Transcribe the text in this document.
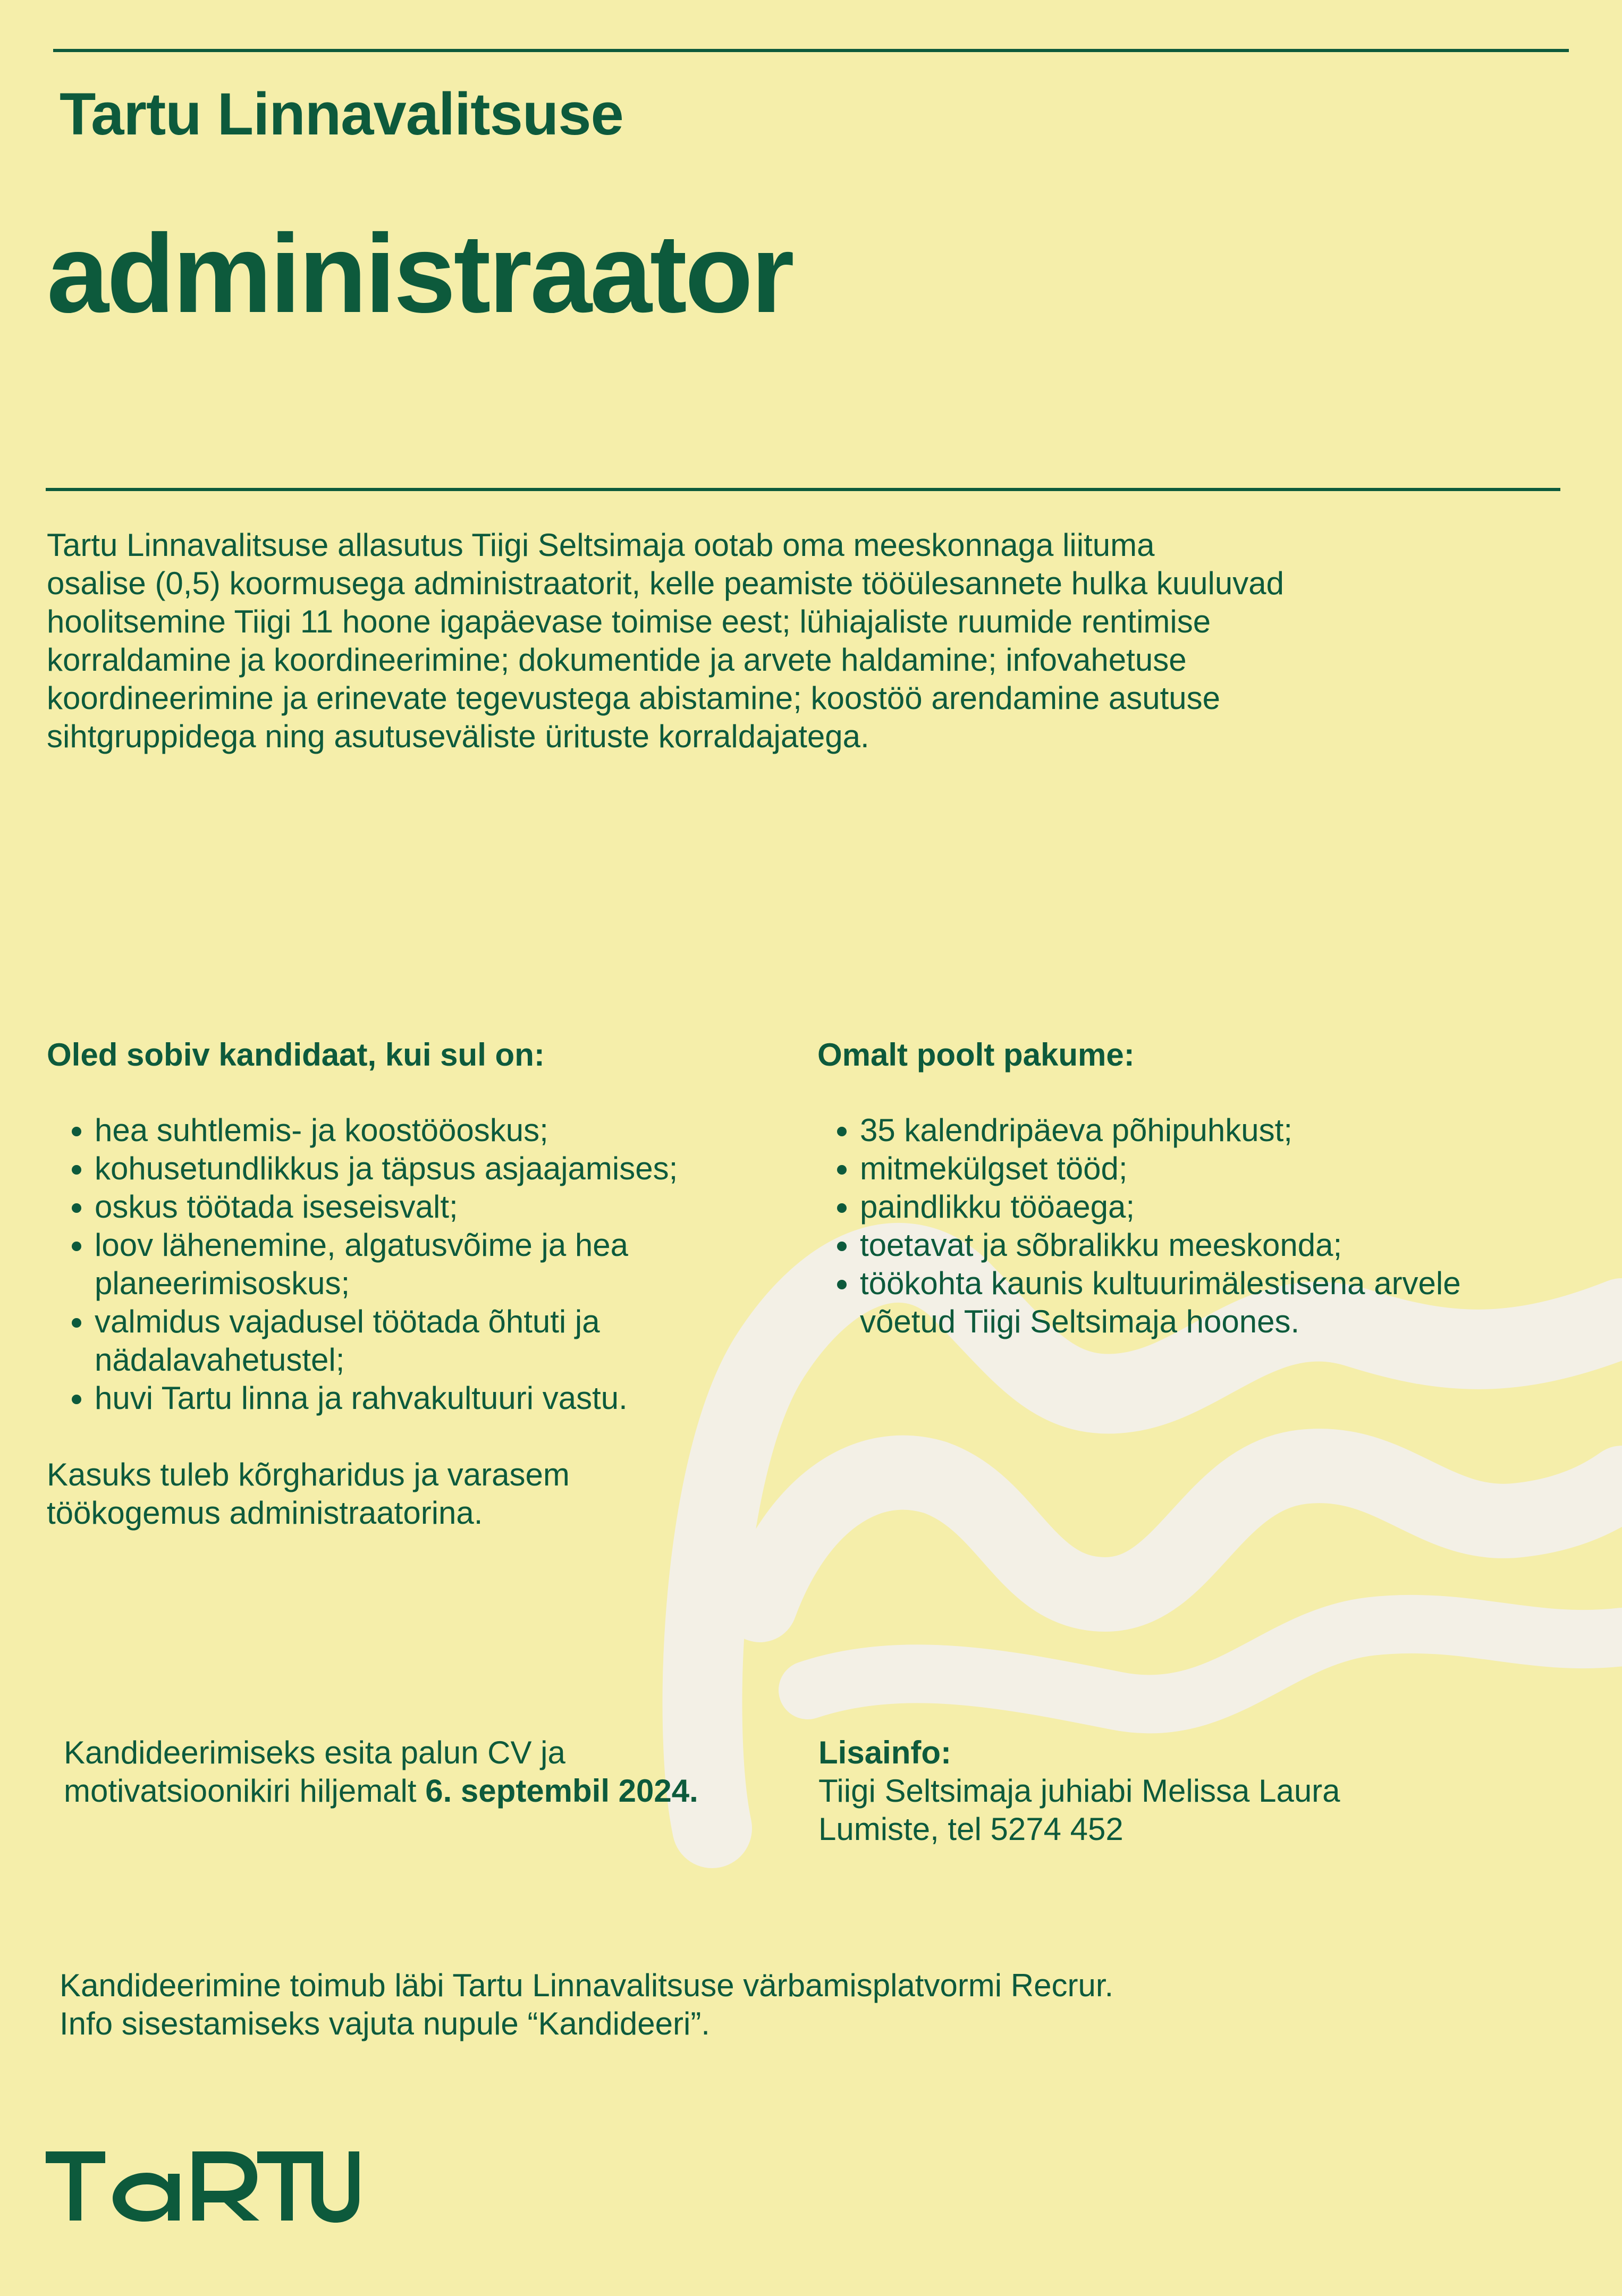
Tartu Linnavalitsuse
administraator
Tartu Linnavalitsuse allasutus Tiigi Seltsimaja ootab oma meeskonnaga liituma
osalise (0,5) koormusega administraatorit, kelle peamiste tööülesannete hulka kuuluvad
hoolitsemine Tiigi 11 hoone igapäevase toimise eest; lühiajaliste ruumide rentimise
korraldamine ja koordineerimine; dokumentide ja arvete haldamine; infovahetuse
koordineerimine ja erinevate tegevustega abistamine; koostöö arendamine asutuse
sihtgruppidega ning asutuseväliste ürituste korraldajatega.
Oled sobiv kandidaat, kui sul on:
• hea suhtlemis- ja koostööoskus;
• kohusetundlikkus ja täpsus asjaajamises;
• oskus töötada iseseisvalt;
• loov lähenemine, algatusvõime ja hea planeerimisoskus;
• valmidus vajadusel töötada õhtuti ja nädalavahetustel;
• huvi Tartu linna ja rahvakultuuri vastu.
Kasuks tuleb kõrgharidus ja varasem
töökogemus administraatorina.
Omalt poolt pakume:
• 35 kalendripäeva põhipuhkust;
• mitmekülgset tööd;
• paindlikku tööaega;
• toetavat ja sõbralikku meeskonda;
• töökohta kaunis kultuurimälestisena arvele võetud Tiigi Seltsimaja hoones.
Kandideerimiseks esita palun CV ja
motivatsioonikiri hiljemalt 6. septembil 2024.
Lisainfo:
Tiigi Seltsimaja juhiabi Melissa Laura
Lumiste, tel 5274 452
Kandideerimine toimub läbi Tartu Linnavalitsuse värbamisplatvormi Recrur.
Info sisestamiseks vajuta nupule “Kandideeri”.
